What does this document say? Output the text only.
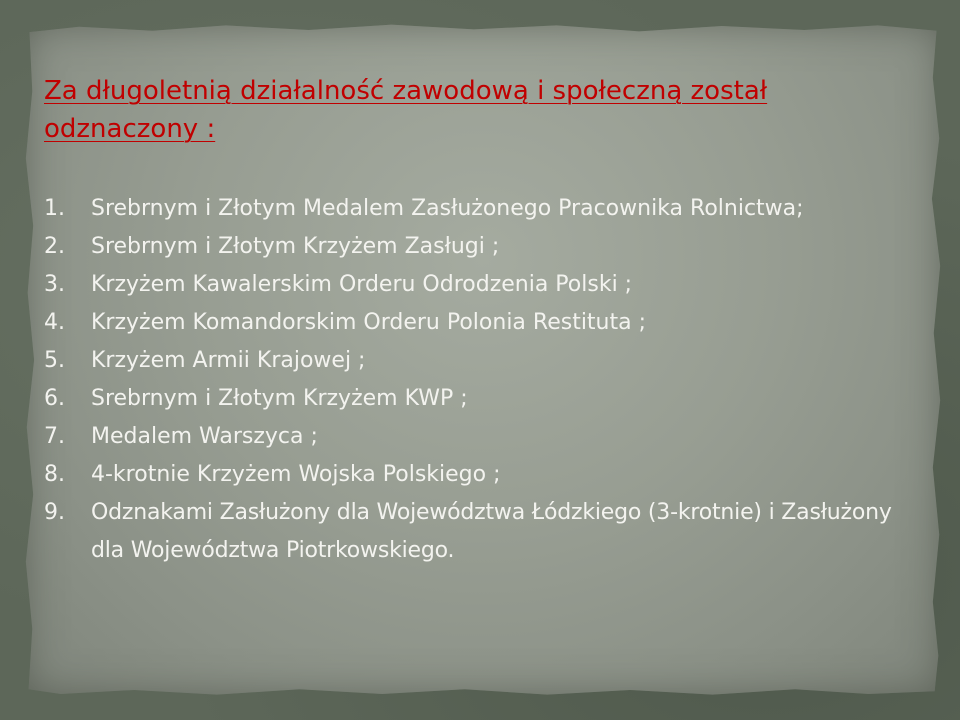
Za długoletnią działalność zawodową i społeczną został odznaczony :

1. Srebrnym i Złotym Medalem Zasłużonego Pracownika Rolnictwa;
2. Srebrnym i Złotym Krzyżem Zasługi ;
3. Krzyżem Kawalerskim Orderu Odrodzenia Polski ;
4. Krzyżem Komandorskim Orderu Polonia Restituta ;
5. Krzyżem Armii Krajowej ;
6. Srebrnym i Złotym Krzyżem KWP ;
7. Medalem Warszyca ;
8. 4-krotnie Krzyżem Wojska Polskiego ;
9. Odznakami Zasłużony dla Województwa Łódzkiego (3-krotnie) i Zasłużony dla Województwa Piotrkowskiego.
